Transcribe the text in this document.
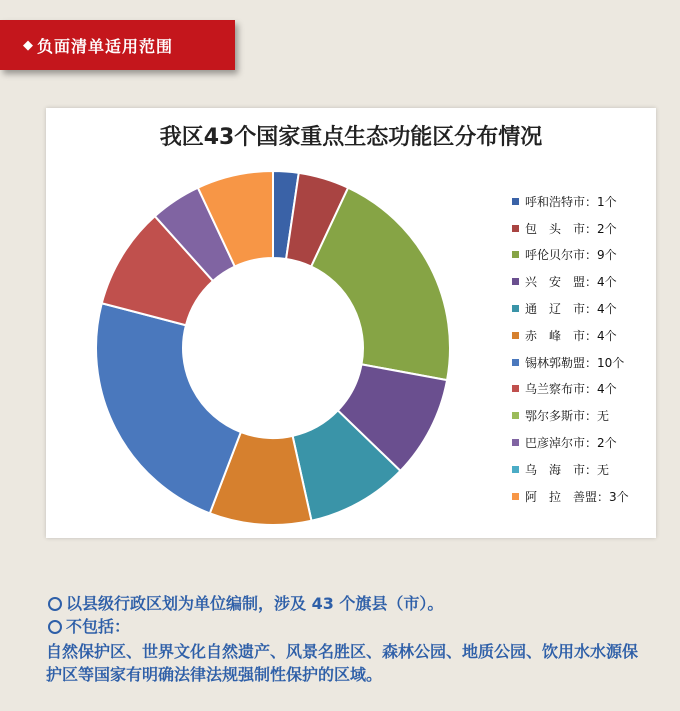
◆ 负面清单适用范围
我区43个国家重点生态功能区分布情况
呼和浩特市：1个
包　头　市：2个
呼伦贝尔市：9个
兴　安　盟：4个
通　辽　市：4个
赤　峰　市：4个
锡林郭勒盟：10个
乌兰察布市：4个
鄂尔多斯市：无
巴彦淖尔市：2个
乌　海　市：无
阿　拉　善盟：3个
以县级行政区划为单位编制，涉及 43 个旗县（市）。
不包括：
自然保护区、世界文化自然遗产、风景名胜区、森林公园、地质公园、饮用水水源保护区等国家有明确法律法规强制性保护的区域。
